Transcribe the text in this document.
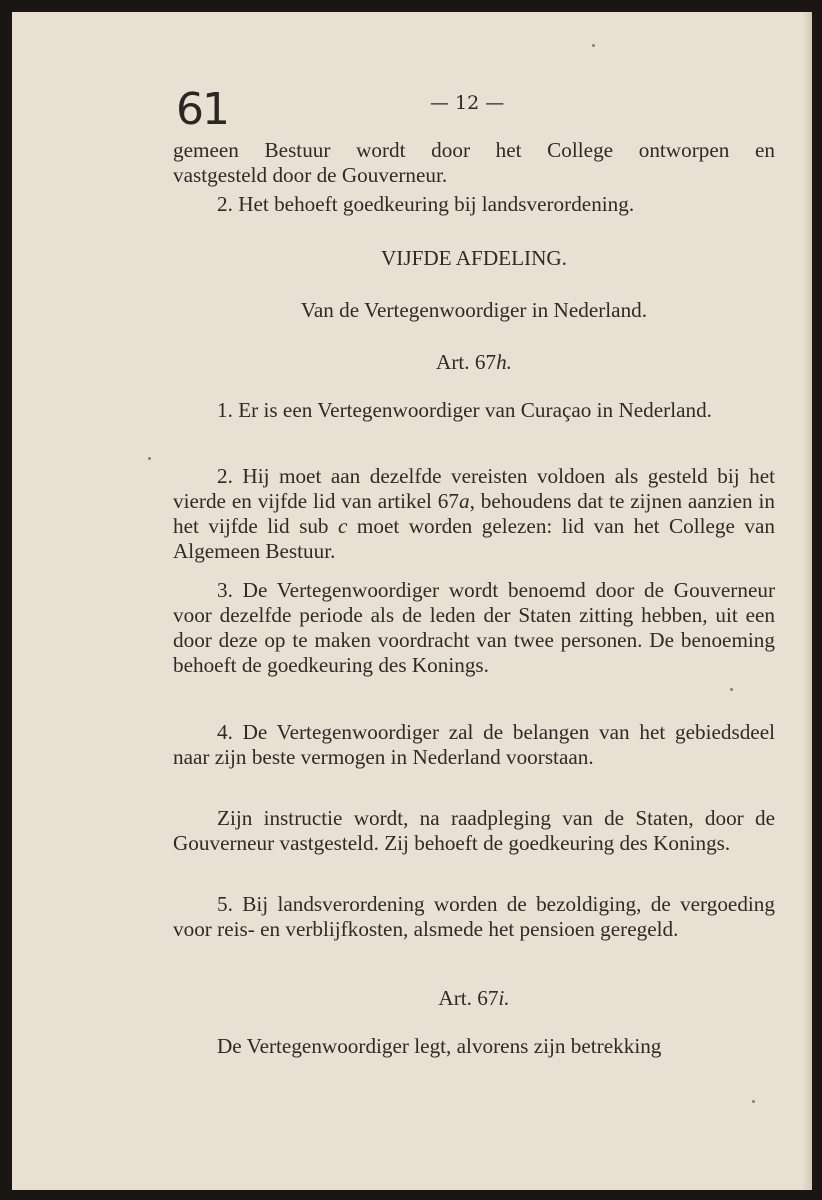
61	— 12 —

gemeen Bestuur wordt door het College ontworpen en

vastgesteld door de Gouverneur.

2. Het behoeft goedkeuring bij landsverordening.

VIJFDE AFDELING.

Van de Vertegenwoordiger in Nederland.

Art. 67h.

1. Er is een Vertegenwoordiger van Curaçao in Nederland.

2. Hij moet aan dezelfde vereisten voldoen als gesteld bij het vierde en vijfde lid van artikel 67a, behoudens dat te zijnen aanzien in het vijfde lid sub c moet worden gelezen: lid van het College van Algemeen Bestuur.

3. De Vertegenwoordiger wordt benoemd door de Gouverneur voor dezelfde periode als de leden der Staten zitting hebben, uit een door deze op te maken voordracht van twee personen. De benoeming behoeft de goedkeuring des Konings.

4. De Vertegenwoordiger zal de belangen van het gebiedsdeel naar zijn beste vermogen in Nederland voorstaan.

Zijn instructie wordt, na raadpleging van de Staten, door de Gouverneur vastgesteld. Zij behoeft de goedkeuring des Konings.

5. Bij landsverordening worden de bezoldiging, de vergoeding voor reis- en verblijfkosten, alsmede het pensioen geregeld.

Art. 67i.

De Vertegenwoordiger legt, alvorens zijn betrekking
